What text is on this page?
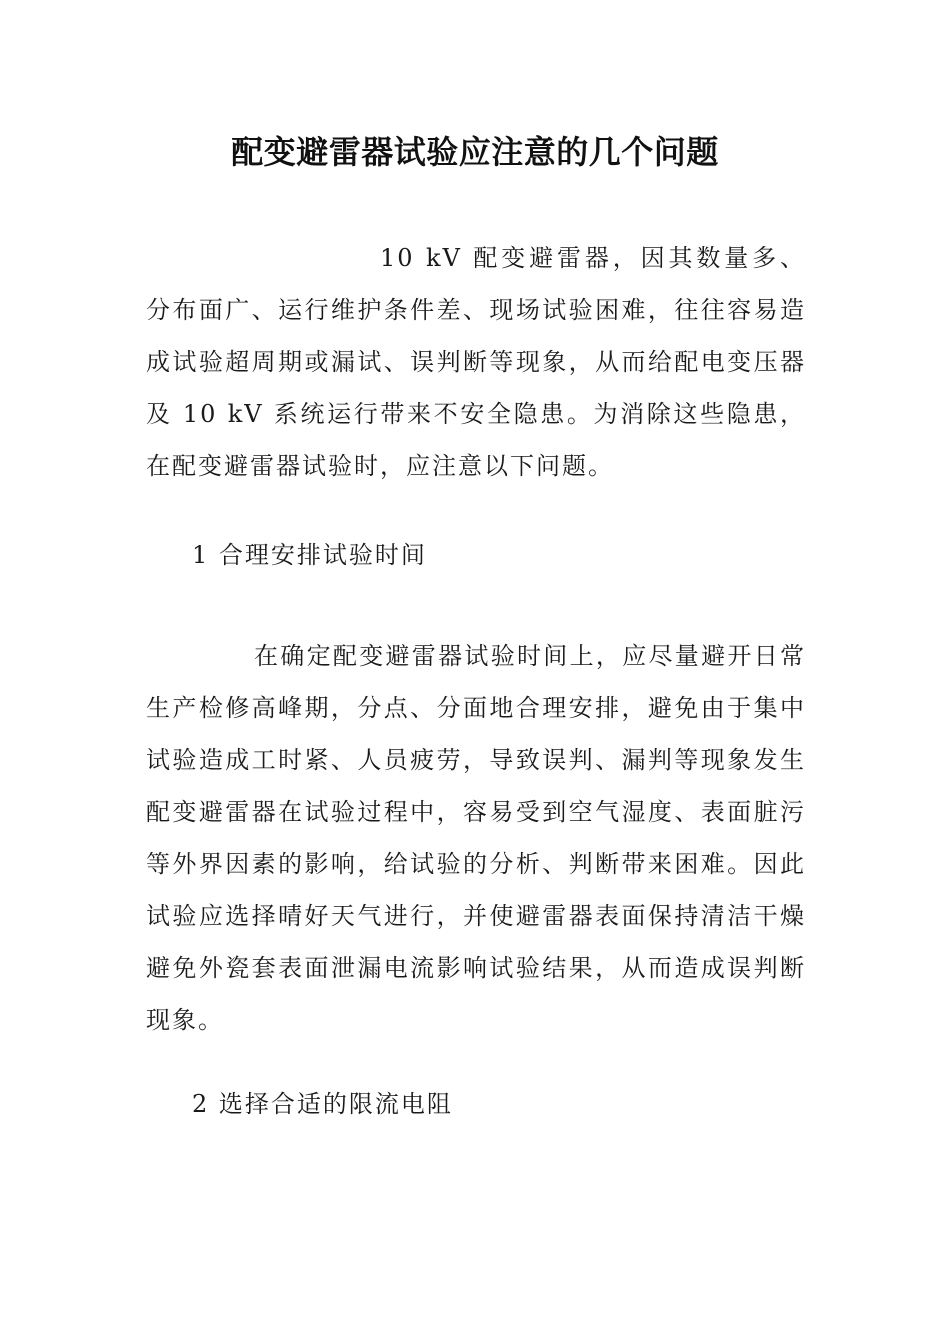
配变避雷器试验应注意的几个问题

10 kV 配变避雷器，因其数量多、分布面广、运行维护条件差、现场试验困难，往往容易造成试验超周期或漏试、误判断等现象，从而给配电变压器及 10 kV 系统运行带来不安全隐患。为消除这些隐患，在配变避雷器试验时，应注意以下问题。

1 合理安排试验时间

在确定配变避雷器试验时间上，应尽量避开日常生产检修高峰期，分点、分面地合理安排，避免由于集中试验造成工时紧、人员疲劳，导致误判、漏判等现象发生配变避雷器在试验过程中，容易受到空气湿度、表面脏污等外界因素的影响，给试验的分析、判断带来困难。因此试验应选择晴好天气进行，并使避雷器表面保持清洁干燥避免外瓷套表面泄漏电流影响试验结果，从而造成误判断现象。

2 选择合适的限流电阻
